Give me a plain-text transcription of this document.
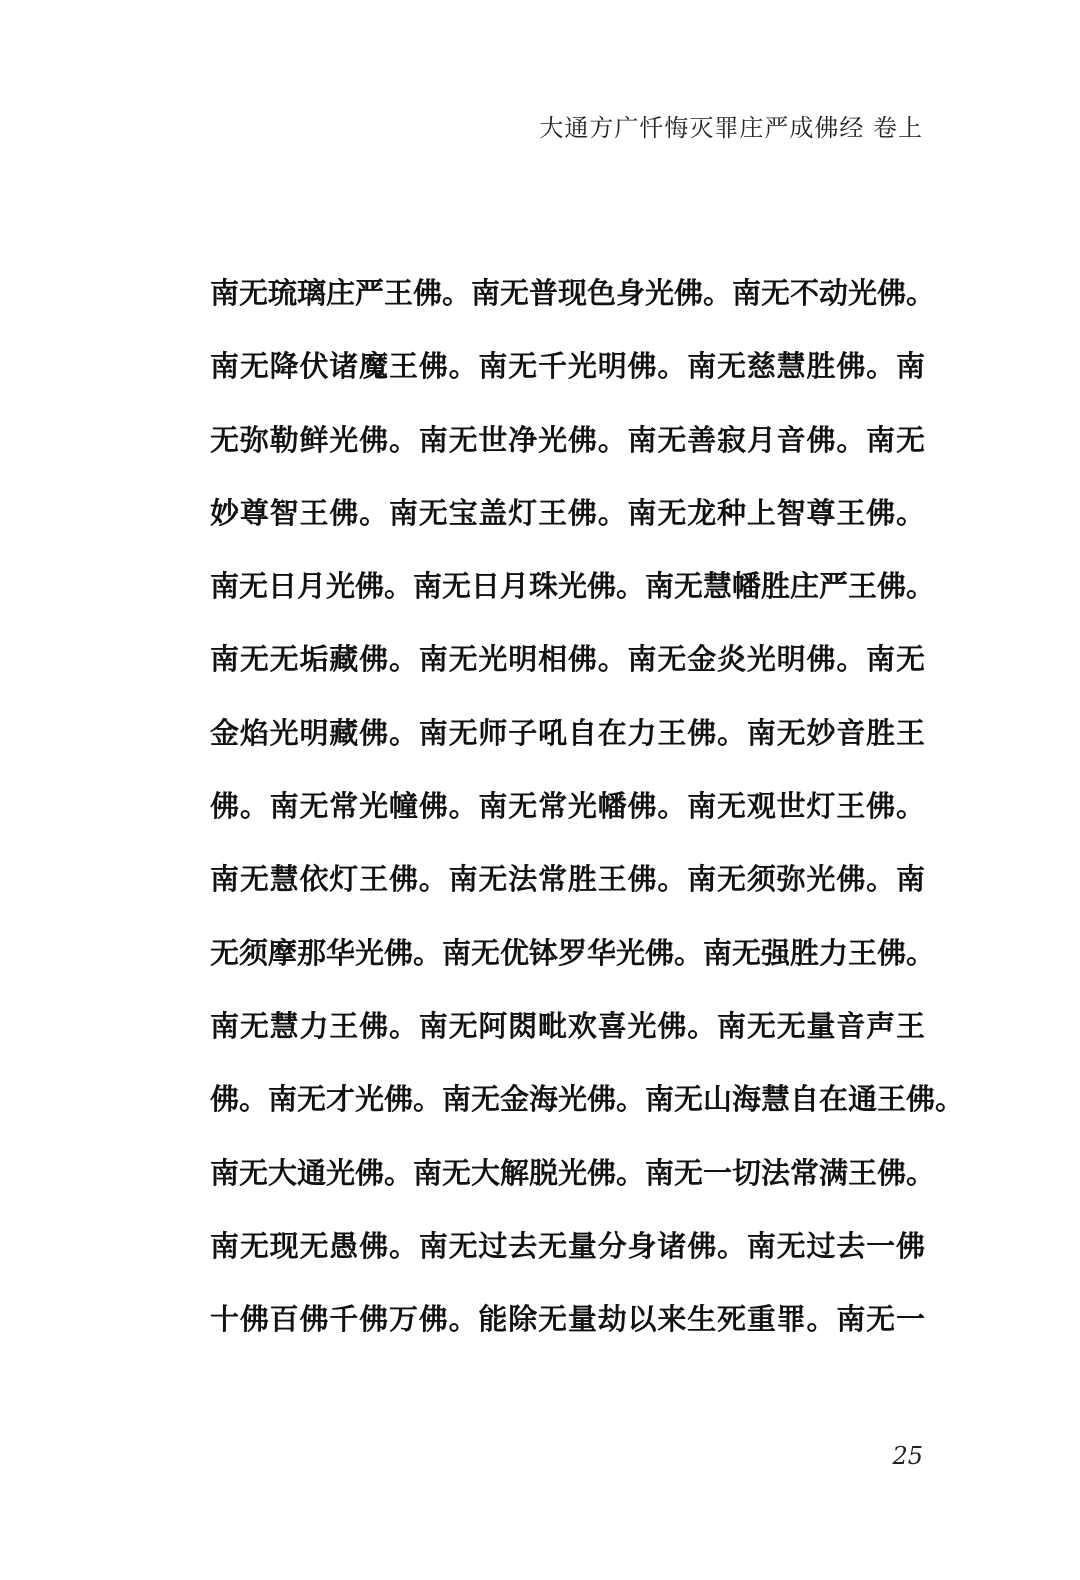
大通方广忏悔灭罪庄严成佛经 卷上
南无琉璃庄严王佛。南无普现色身光佛。南无不动光佛。
南无降伏诸魔王佛。南无千光明佛。南无慈慧胜佛。南
无弥勒鲜光佛。南无世净光佛。南无善寂月音佛。南无
妙尊智王佛。南无宝盖灯王佛。南无龙种上智尊王佛。
南无日月光佛。南无日月珠光佛。南无慧幡胜庄严王佛。
南无无垢藏佛。南无光明相佛。南无金炎光明佛。南无
金焰光明藏佛。南无师子吼自在力王佛。南无妙音胜王
佛。南无常光幢佛。南无常光幡佛。南无观世灯王佛。
南无慧依灯王佛。南无法常胜王佛。南无须弥光佛。南
无须摩那华光佛。南无优钵罗华光佛。南无强胜力王佛。
南无慧力王佛。南无阿閦毗欢喜光佛。南无无量音声王
佛。南无才光佛。南无金海光佛。南无山海慧自在通王佛。
南无大通光佛。南无大解脱光佛。南无一切法常满王佛。
南无现无愚佛。南无过去无量分身诸佛。南无过去一佛
十佛百佛千佛万佛。能除无量劫以来生死重罪。南无一
25
